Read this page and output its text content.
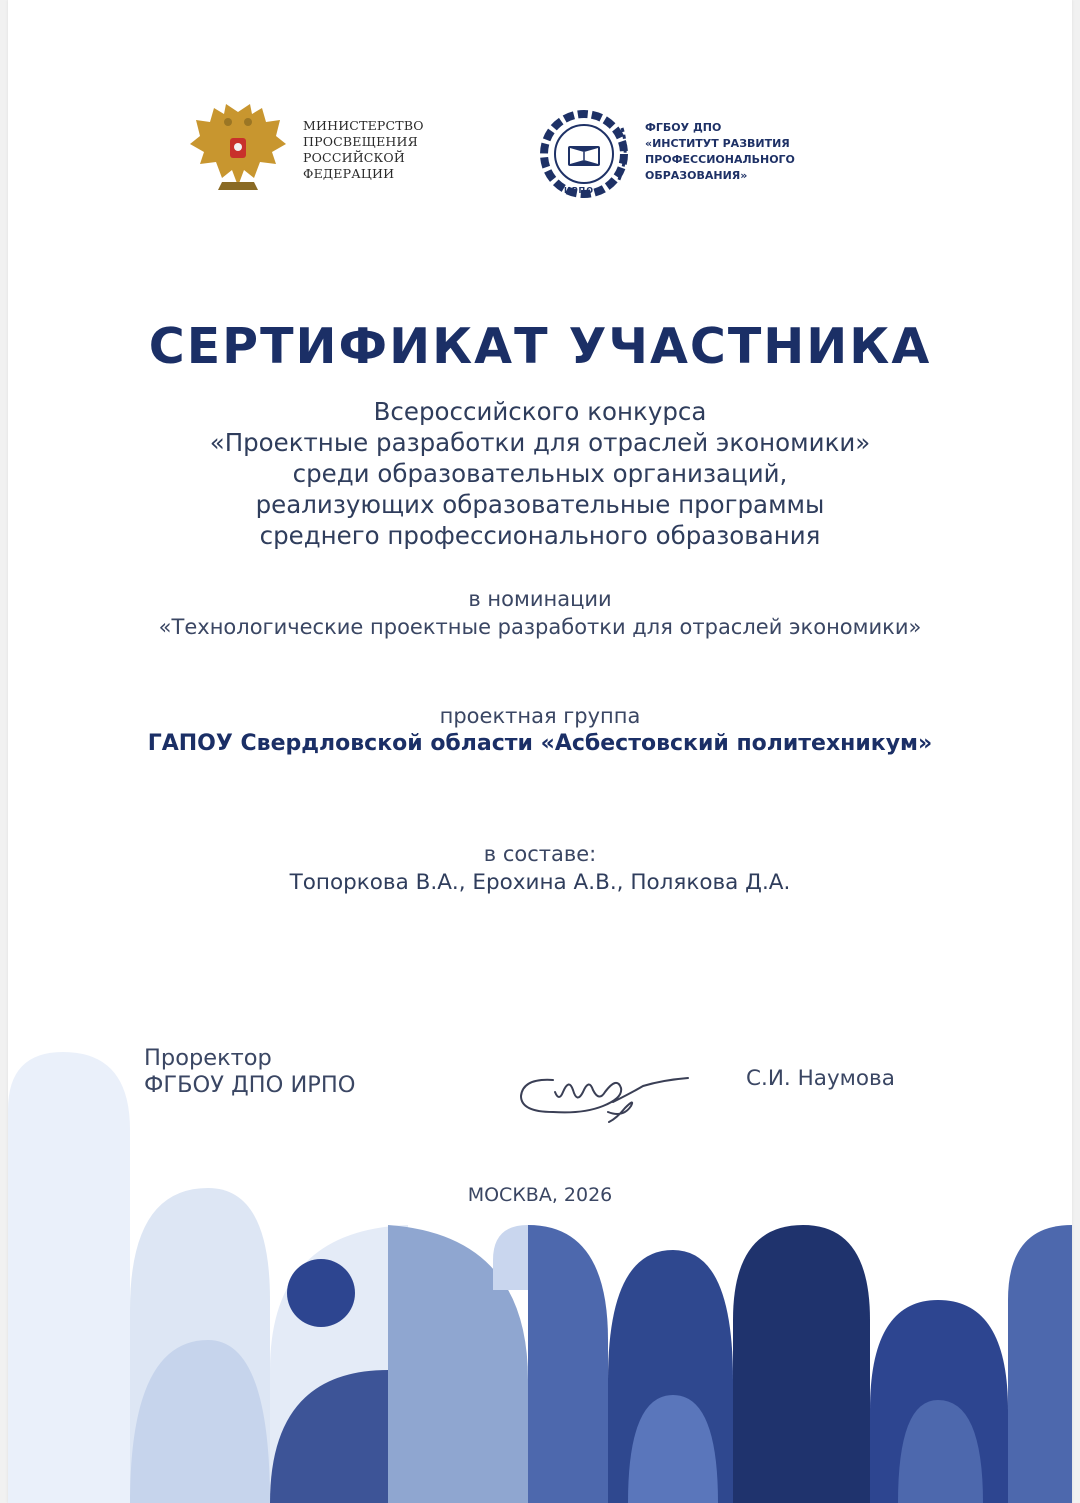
МИНИСТЕРСТВО
ПРОСВЕЩЕНИЯ
РОССИЙСКОЙ
ФЕДЕРАЦИИ
ИРПО
ФГБОУ ДПО
«ИНСТИТУТ РАЗВИТИЯ
ПРОФЕССИОНАЛЬНОГО
ОБРАЗОВАНИЯ»
СЕРТИФИКАТ УЧАСТНИКА
Всероссийского конкурса
«Проектные разработки для отраслей экономики»
среди образовательных организаций,
реализующих образовательные программы
среднего профессионального образования
в номинации
«Технологические проектные разработки для отраслей экономики»
проектная группа
ГАПОУ Свердловской области «Асбестовский политехникум»
в составе:
Топоркова В.А., Ерохина А.В., Полякова Д.А.
Проректор
ФГБОУ ДПО ИРПО	С.И. Наумова
МОСКВА, 2026
